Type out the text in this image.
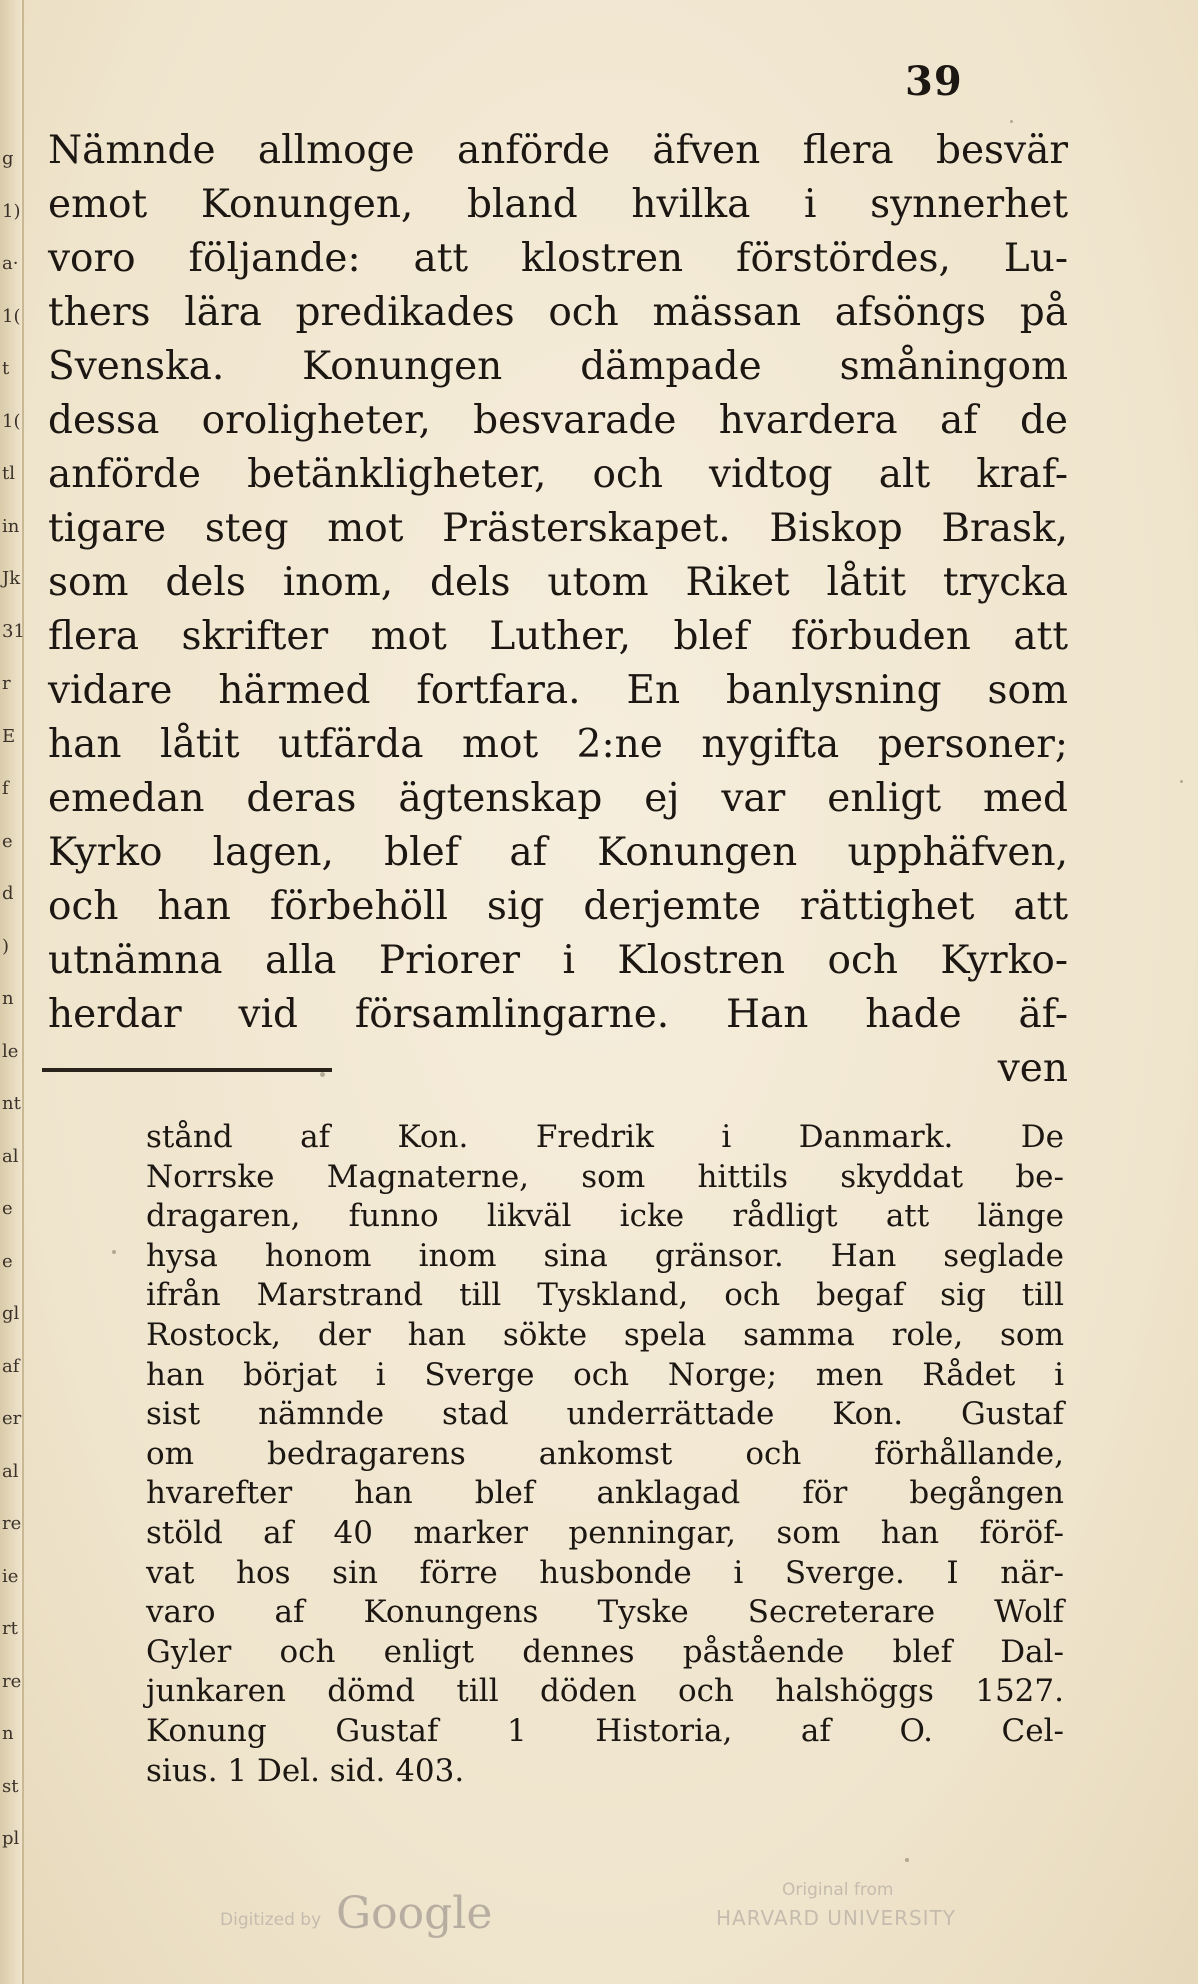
g
1)
a·
1(
t
1(
tl
in
Jk
31
r
E
f
e
d
)
n
le
nt
al
e
e
gl
af
er
al
re
ie
rt
re
n
st
pl
39
Nämnde allmoge anförde äfven flera besvär
emot Konungen, bland hvilka i synnerhet
voro följande: att klostren förstördes, Lu-
thers lära predikades och mässan afsöngs på
Svenska. Konungen dämpade småningom
dessa oroligheter, besvarade hvardera af de
anförde betänkligheter, och vidtog alt kraf-
tigare steg mot Prästerskapet. Biskop Brask,
som dels inom, dels utom Riket låtit trycka
flera skrifter mot Luther, blef förbuden att
vidare härmed fortfara. En banlysning som
han låtit utfärda mot 2:ne nygifta personer;
emedan deras ägtenskap ej var enligt med
Kyrko lagen, blef af Konungen upphäfven,
och han förbehöll sig derjemte rättighet att
utnämna alla Priorer i Klostren och Kyrko-
herdar vid församlingarne. Han hade äf-
ven
stånd af Kon. Fredrik i Danmark. De
Norrske Magnaterne, som hittils skyddat be-
dragaren, funno likväl icke rådligt att länge
hysa honom inom sina gränsor. Han seglade
ifrån Marstrand till Tyskland, och begaf sig till
Rostock, der han sökte spela samma role, som
han börjat i Sverge och Norge; men Rådet i
sist nämnde stad underrättade Kon. Gustaf
om bedragarens ankomst och förhållande,
hvarefter han blef anklagad för begången
stöld af 40 marker penningar, som han föröf-
vat hos sin förre husbonde i Sverge. I när-
varo af Konungens Tyske Secreterare Wolf
Gyler och enligt dennes påstående blef Dal-
junkaren dömd till döden och halshöggs 1527.
Konung Gustaf 1 Historia, af O. Cel-
sius. 1 Del. sid. 403.
Digitized by Google	Original from
HARVARD UNIVERSITY
